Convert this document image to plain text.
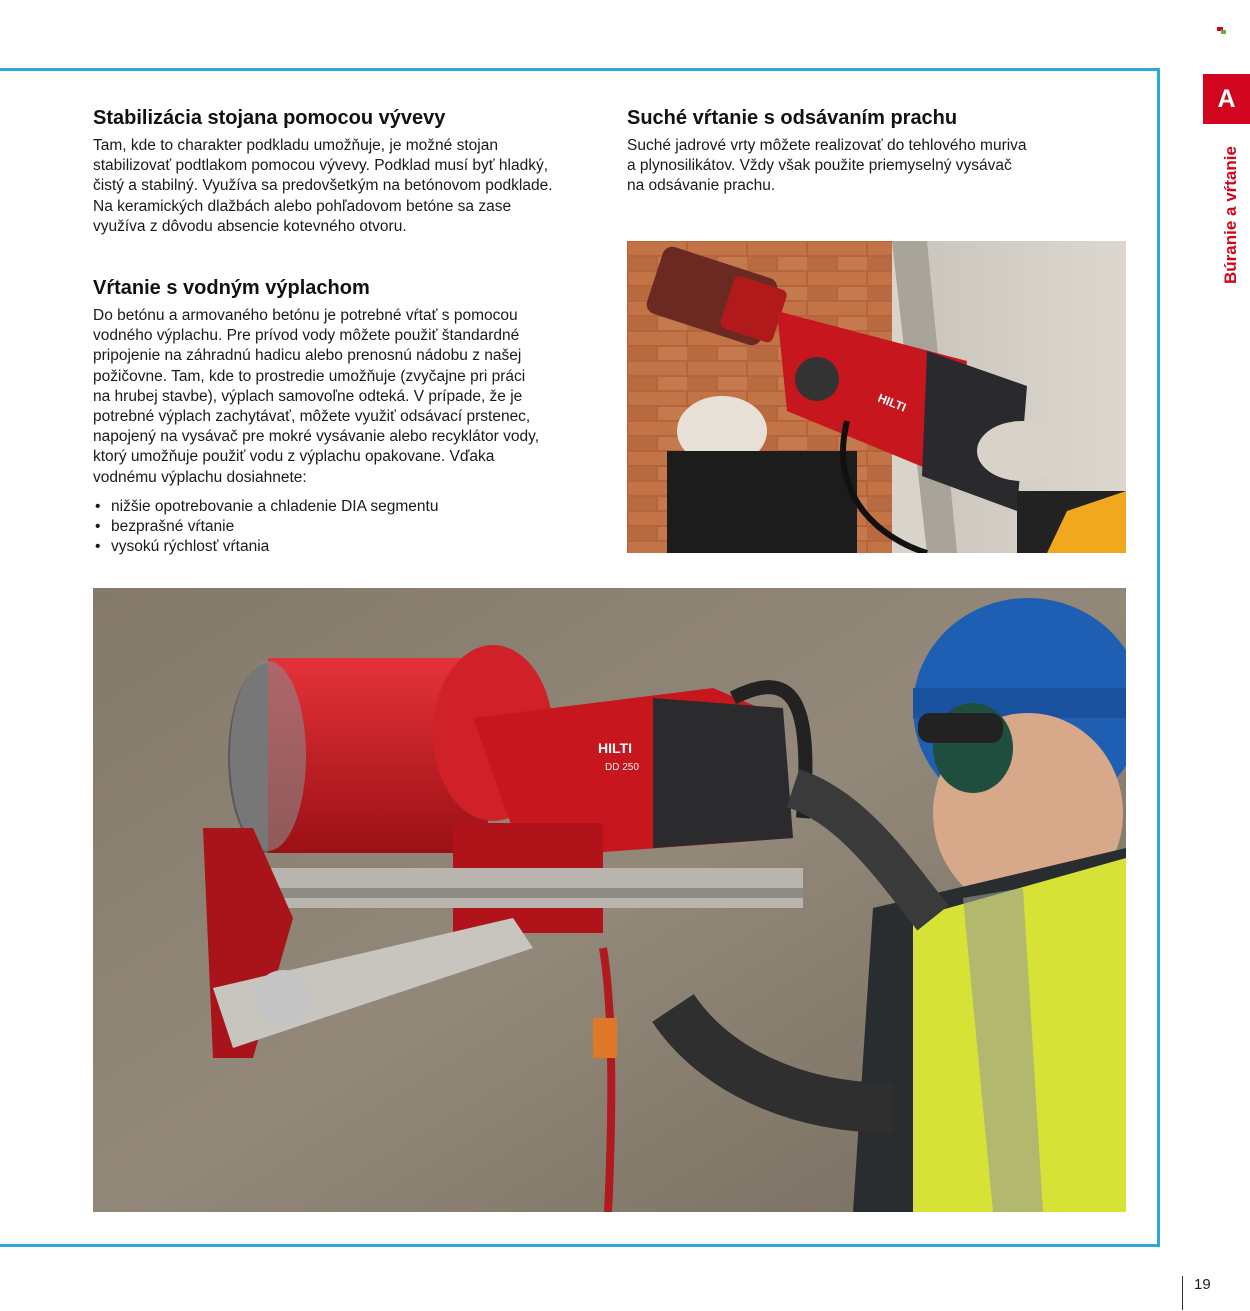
A
Búranie a vŕtanie
Stabilizácia stojana pomocou vývevy

Tam, kde to charakter podkladu umožňuje, je možné stojan
stabilizovať podtlakom pomocou vývevy. Podklad musí byť hladký,
čistý a stabilný. Využíva sa predovšetkým na betónovom podklade.
Na keramických dlažbách alebo pohľadovom betóne sa zase
využíva z dôvodu absencie kotevného otvoru.

Vŕtanie s vodným výplachom

Do betónu a armovaného betónu je potrebné vŕtať s pomocou
vodného výplachu. Pre prívod vody môžete použiť štandardné
pripojenie na záhradnú hadicu alebo prenosnú nádobu z našej
požičovne. Tam, kde to prostredie umožňuje (zvyčajne pri práci
na hrubej stavbe), výplach samovoľne odteká. V prípade, že je
potrebné výplach zachytávať, môžete využiť odsávací prstenec,
napojený na vysávač pre mokré vysávanie alebo recyklátor vody,
ktorý umožňuje použiť vodu z výplachu opakovane. Vďaka
vodnému výplachu dosiahnete:

• nižšie opotrebovanie a chladenie DIA segmentu
• bezprašné vŕtanie
• vysokú rýchlosť vŕtania
Suché vŕtanie s odsávaním prachu

Suché jadrové vrty môžete realizovať do tehlového muriva
a plynosilikátov. Vždy však použite priemyselný vysávač
na odsávanie prachu.

HILTI
HILTI
DD 250
19
